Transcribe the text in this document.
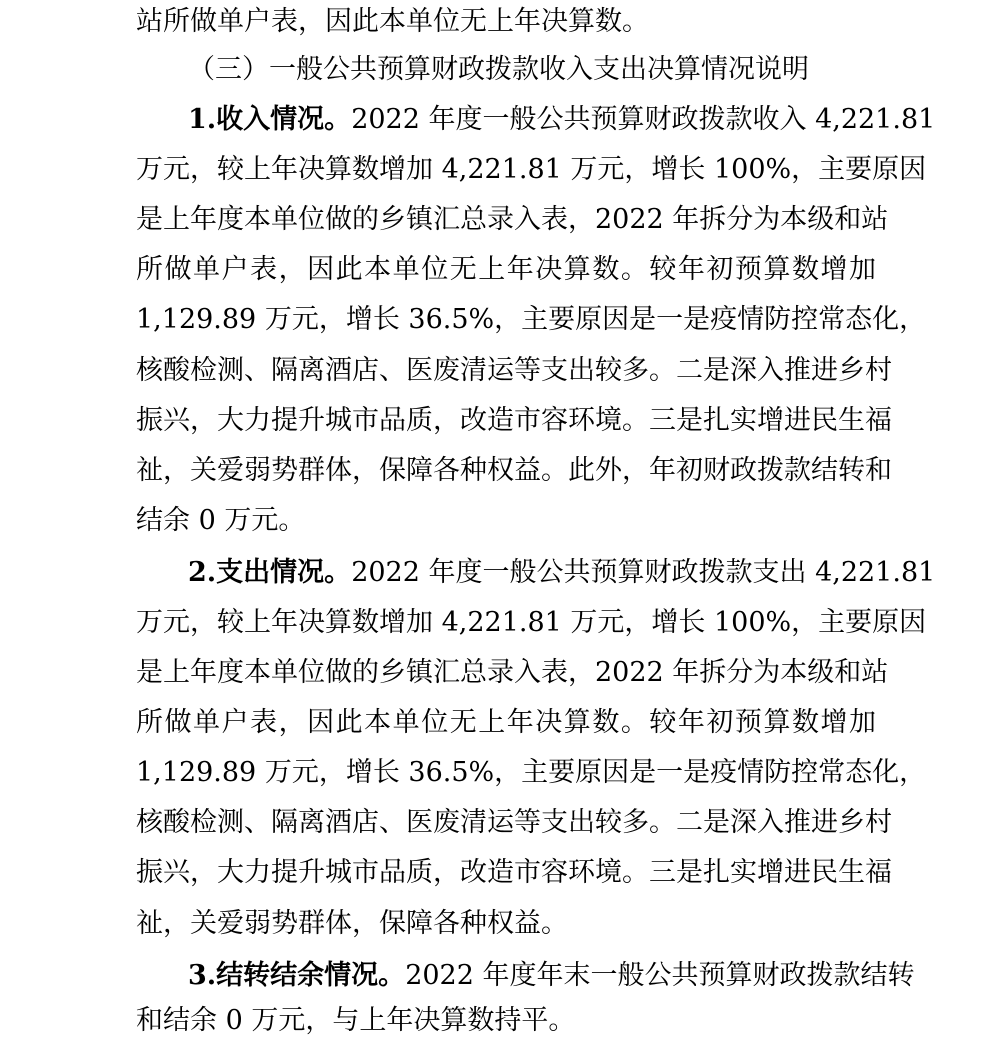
站所做单户表，因此本单位无上年决算数。
（三）一般公共预算财政拨款收入支出决算情况说明
1.收入情况。2022 年度一般公共预算财政拨款收入 4,221.81
万元，较上年决算数增加 4,221.81 万元，增长 100%，主要原因
是上年度本单位做的乡镇汇总录入表，2022 年拆分为本级和站
所做单户表，因此本单位无上年决算数。较年初预算数增加
1,129.89 万元，增长 36.5%，主要原因是一是疫情防控常态化，
核酸检测、隔离酒店、医废清运等支出较多。二是深入推进乡村
振兴，大力提升城市品质，改造市容环境。三是扎实增进民生福
祉，关爱弱势群体，保障各种权益。此外，年初财政拨款结转和
结余 0 万元。
2.支出情况。2022 年度一般公共预算财政拨款支出 4,221.81
万元，较上年决算数增加 4,221.81 万元，增长 100%，主要原因
是上年度本单位做的乡镇汇总录入表，2022 年拆分为本级和站
所做单户表，因此本单位无上年决算数。较年初预算数增加
1,129.89 万元，增长 36.5%，主要原因是一是疫情防控常态化，
核酸检测、隔离酒店、医废清运等支出较多。二是深入推进乡村
振兴，大力提升城市品质，改造市容环境。三是扎实增进民生福
祉，关爱弱势群体，保障各种权益。
3.结转结余情况。2022 年度年末一般公共预算财政拨款结转
和结余 0 万元，与上年决算数持平。
